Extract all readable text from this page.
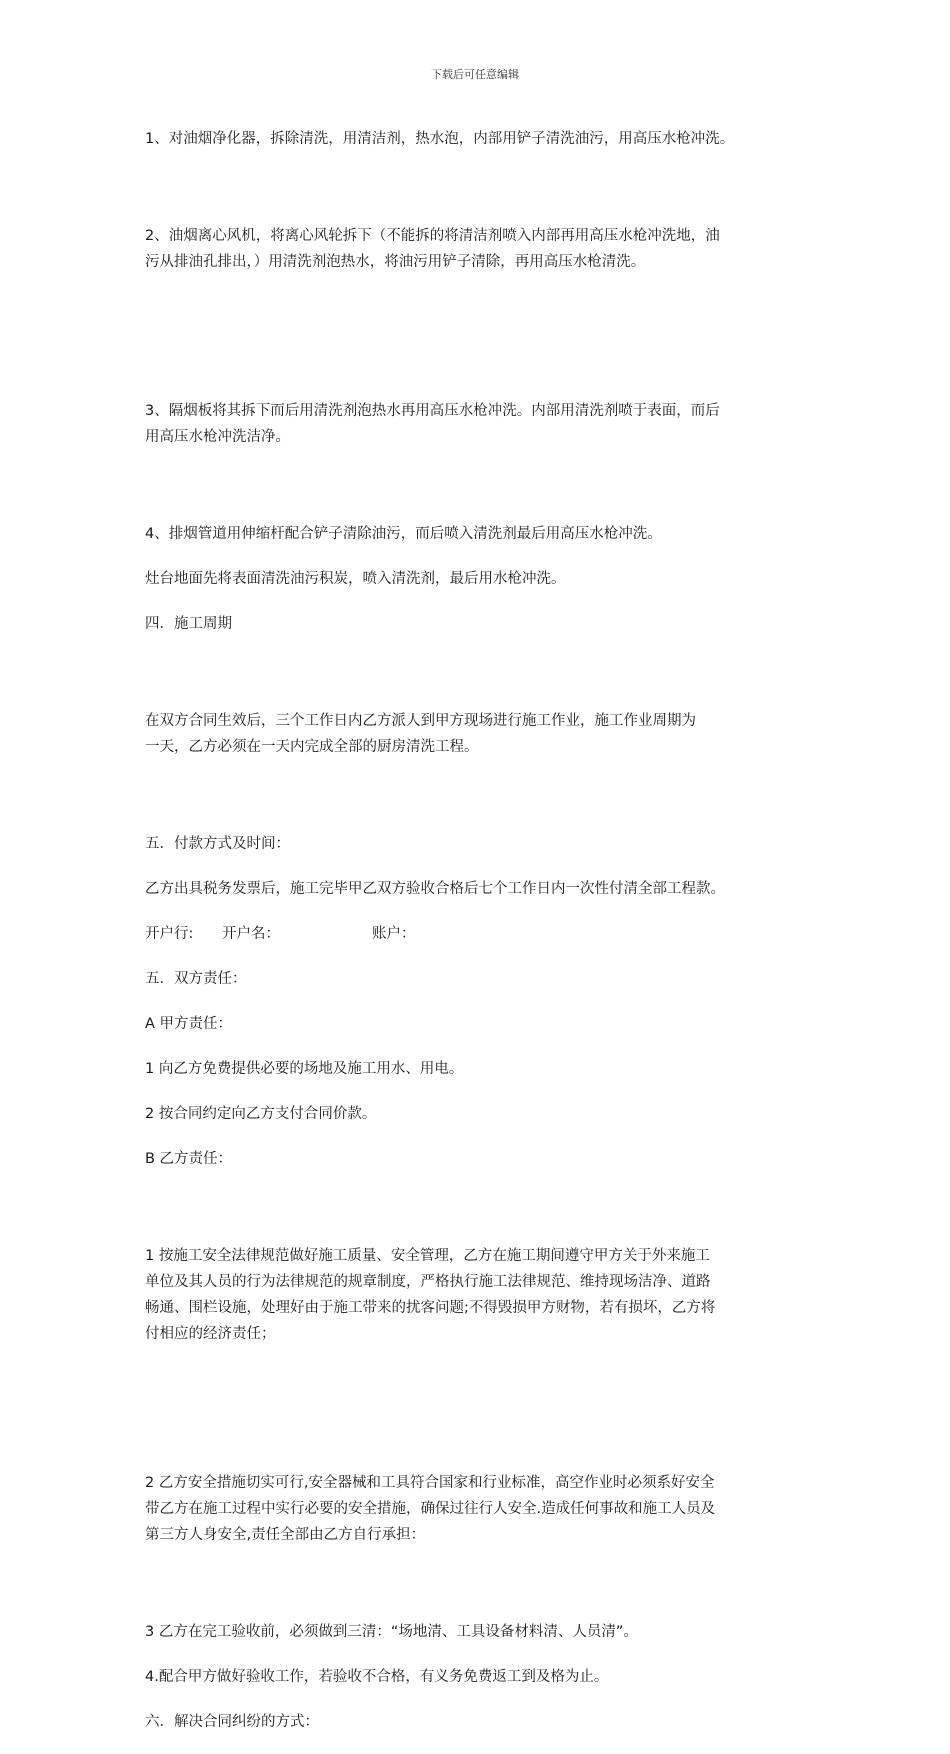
下载后可任意编辑

1、对油烟净化器，拆除清洗，用清洁剂，热水泡，内部用铲子清洗油污，用高压水枪冲洗。

2、油烟离心风机，将离心风轮拆下（不能拆的将清洁剂喷入内部再用高压水枪冲洗地，油
污从排油孔排出，）用清洗剂泡热水，将油污用铲子清除，再用高压水枪清洗。

3、隔烟板将其拆下而后用清洗剂泡热水再用高压水枪冲洗。内部用清洗剂喷于表面，而后
用高压水枪冲洗洁净。

4、排烟管道用伸缩杆配合铲子清除油污，而后喷入清洗剂最后用高压水枪冲洗。

灶台地面先将表面清洗油污积炭，喷入清洗剂，最后用水枪冲洗。

四．施工周期

在双方合同生效后，三个工作日内乙方派人到甲方现场进行施工作业，施工作业周期为
一天，乙方必须在一天内完成全部的厨房清洗工程。

五．付款方式及时间：

乙方出具税务发票后，施工完毕甲乙双方验收合格后七个工作日内一次性付清全部工程款。

开户行:	开户名：	账户：

五．双方责任：

A 甲方责任：

1 向乙方免费提供必要的场地及施工用水、用电。

2 按合同约定向乙方支付合同价款。

B 乙方责任：

1 按施工安全法律规范做好施工质量、安全管理，乙方在施工期间遵守甲方关于外来施工
单位及其人员的行为法律规范的规章制度，严格执行施工法律规范、维持现场洁净、道路
畅通、围栏设施，处理好由于施工带来的扰客问题;不得毁损甲方财物，若有损坏，乙方将
付相应的经济责任；

2 乙方安全措施切实可行,安全器械和工具符合国家和行业标准，高空作业时必须系好安全
带乙方在施工过程中实行必要的安全措施，确保过往行人安全.造成任何事故和施工人员及
第三方人身安全,责任全部由乙方自行承担：

3 乙方在完工验收前，必须做到三清：“场地清、工具设备材料清、人员清”。

4.配合甲方做好验收工作，若验收不合格，有义务免费返工到及格为止。

六．解决合同纠纷的方式：
